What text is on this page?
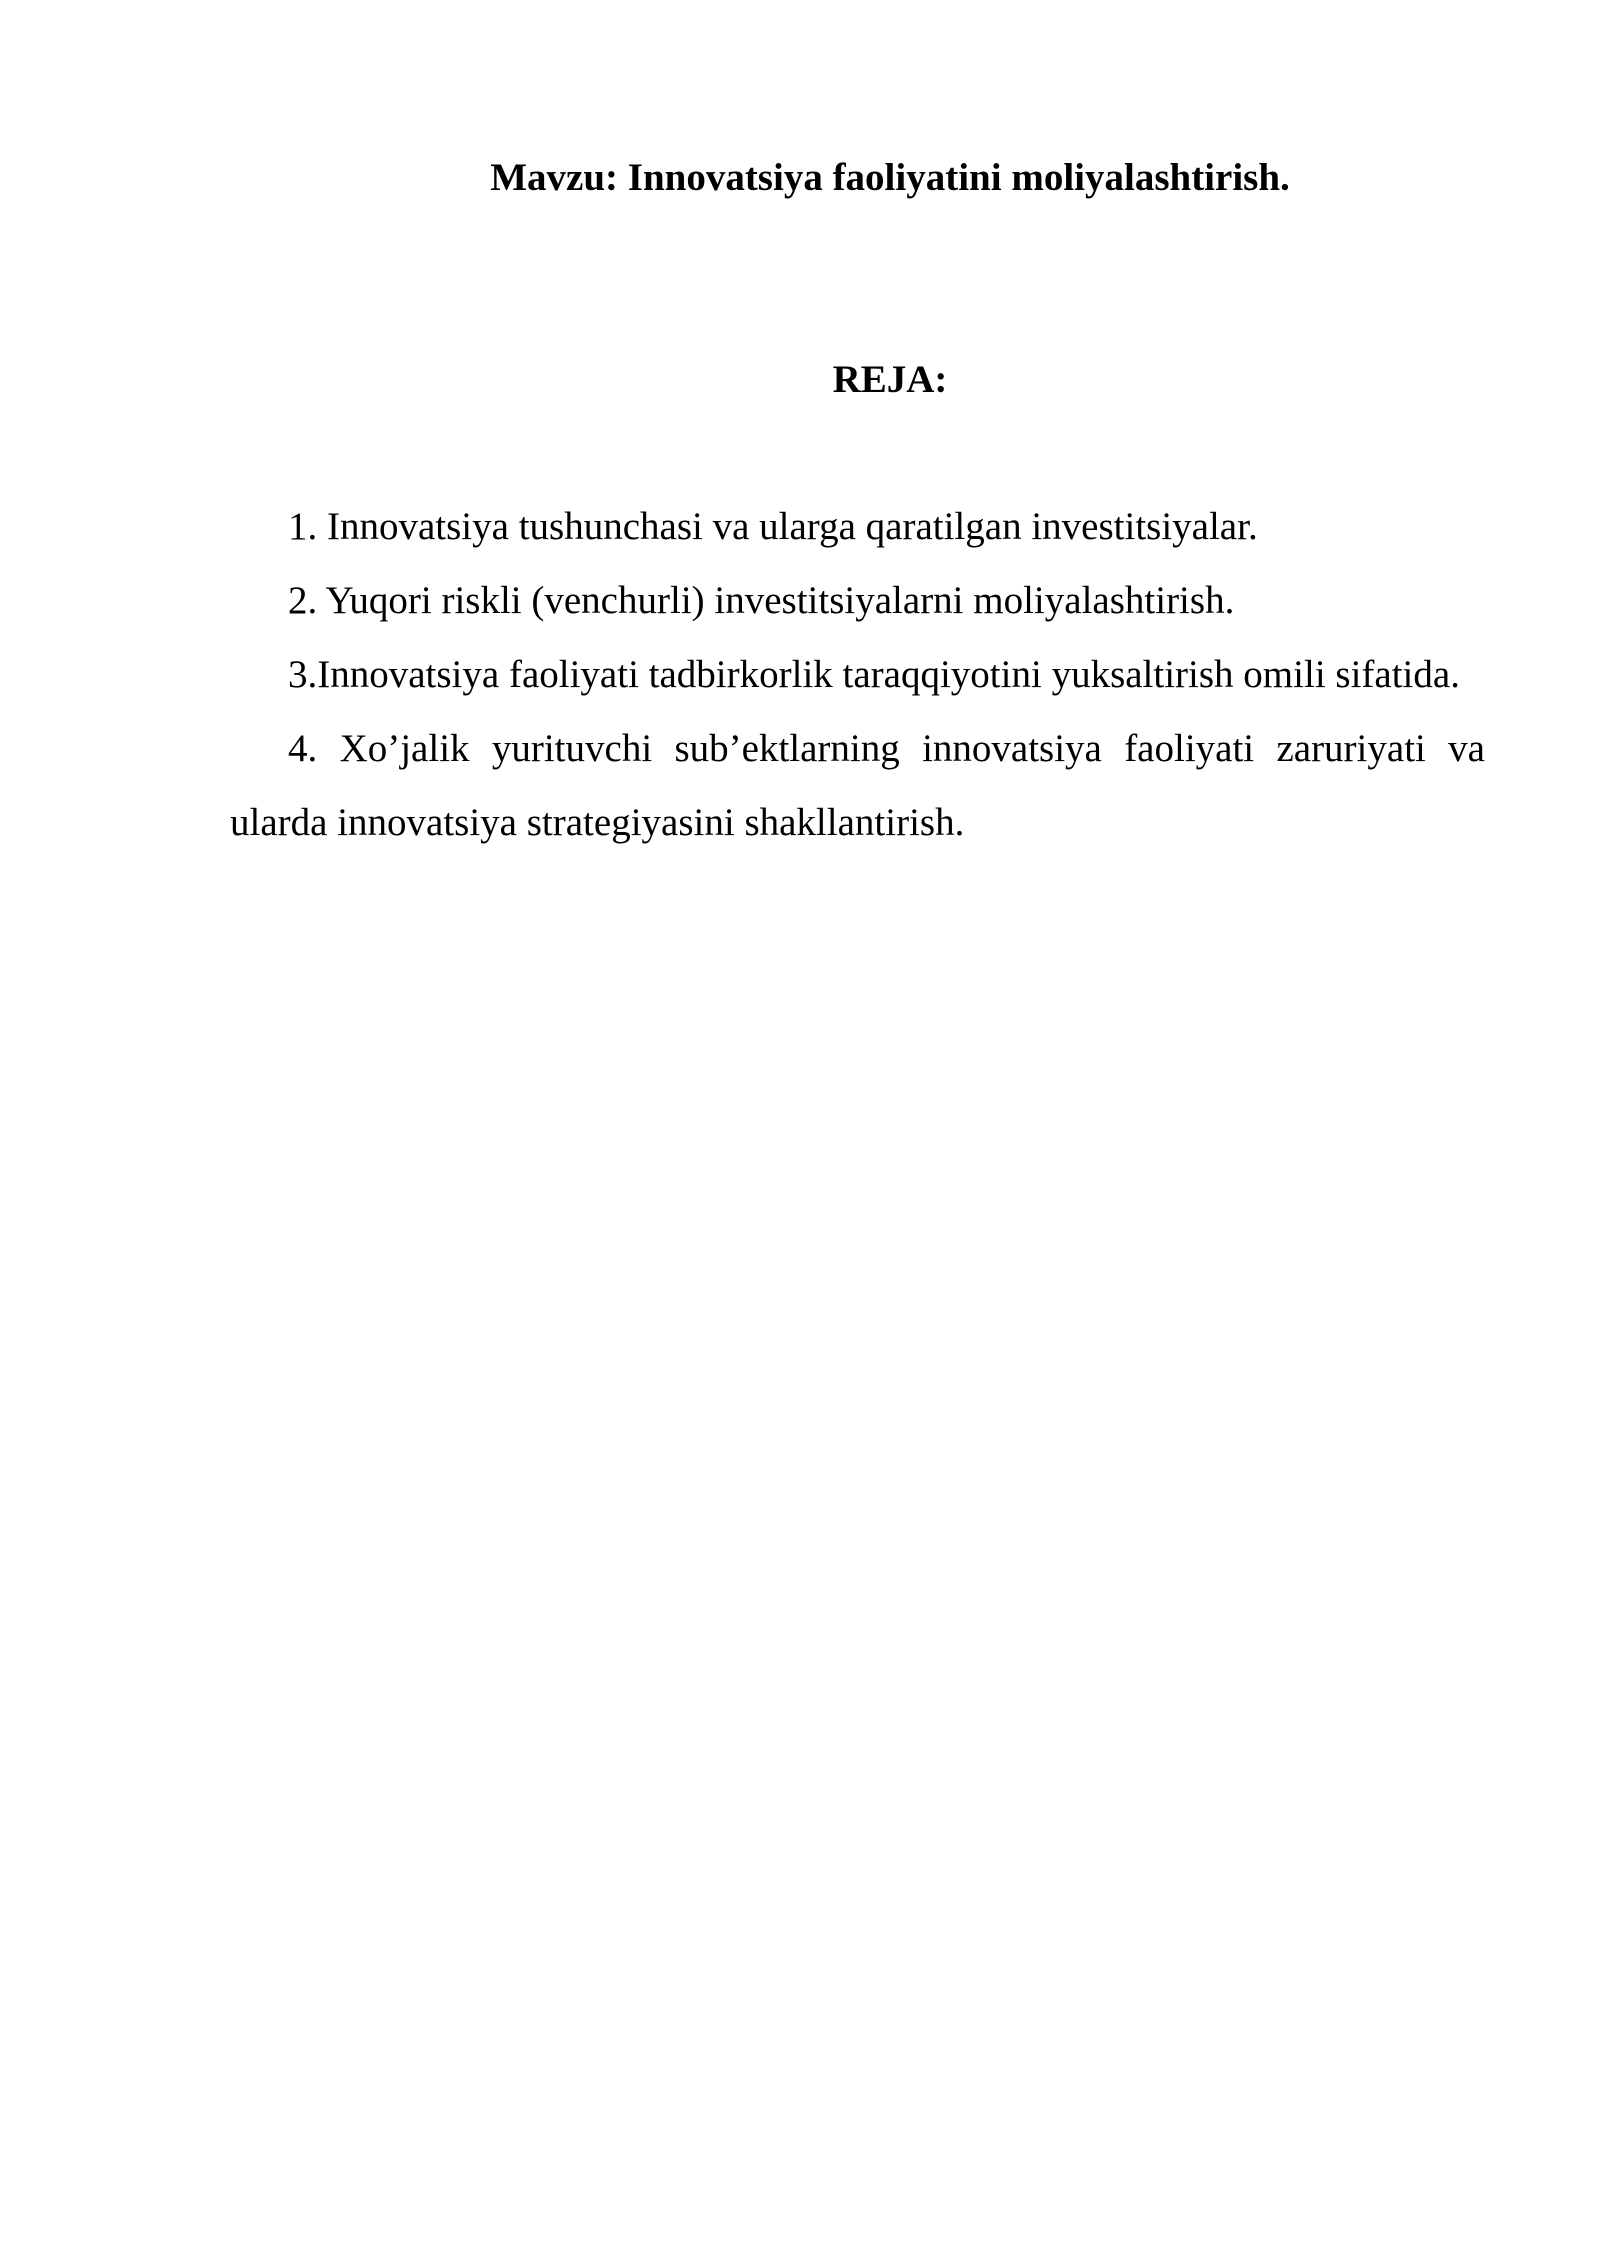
Mavzu: Innovatsiya faoliyatini moliyalashtirish.
REJA:

1. Innovatsiya tushunchasi va ularga qaratilgan investitsiyalar.

2. Yuqori riskli (venchurli) investitsiyalarni moliyalashtirish.

3.Innovatsiya faoliyati tadbirkorlik taraqqiyotini yuksaltirish omili sifatida.

4. Xo’jalik yurituvchi sub’ektlarning innovatsiya faoliyati zaruriyati va ularda innovatsiya strategiyasini shakllantirish.
